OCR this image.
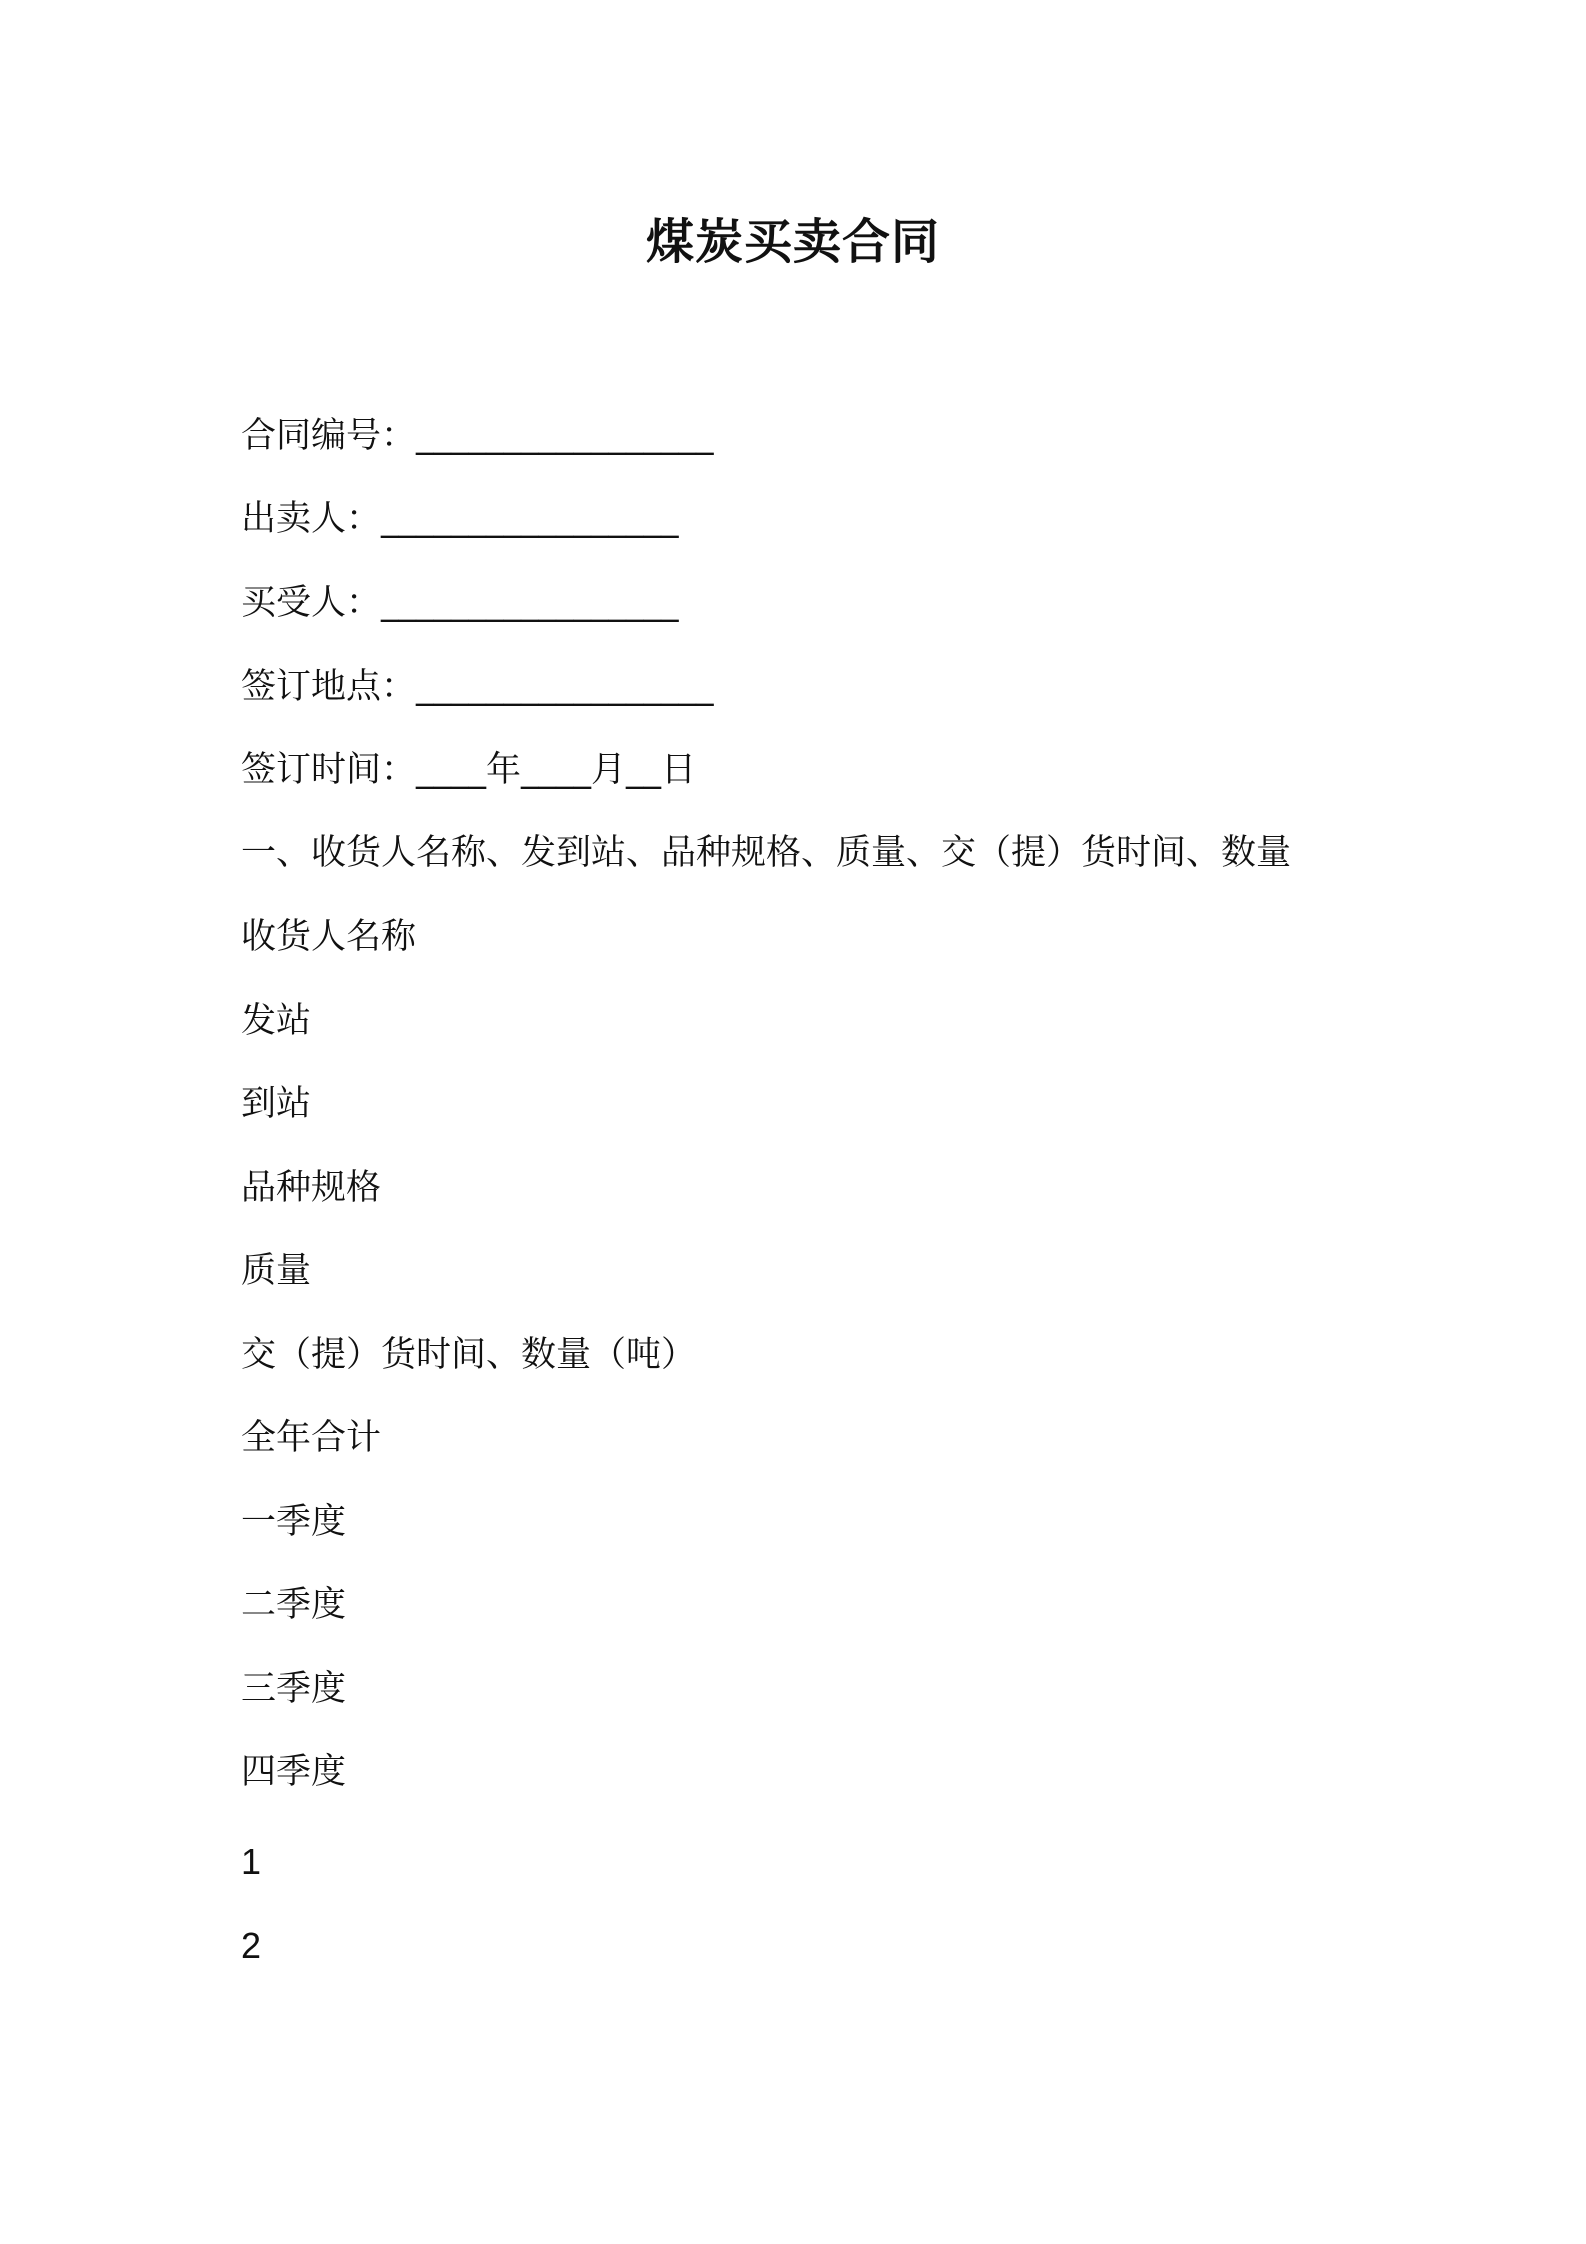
煤炭买卖合同

合同编号：_________________

出卖人：_________________

买受人：_________________

签订地点：_________________

签订时间：____年____月__日

一、收货人名称、发到站、品种规格、质量、交（提）货时间、数量

收货人名称

发站

到站

品种规格

质量

交（提）货时间、数量（吨）

全年合计

一季度

二季度

三季度

四季度

1

2
